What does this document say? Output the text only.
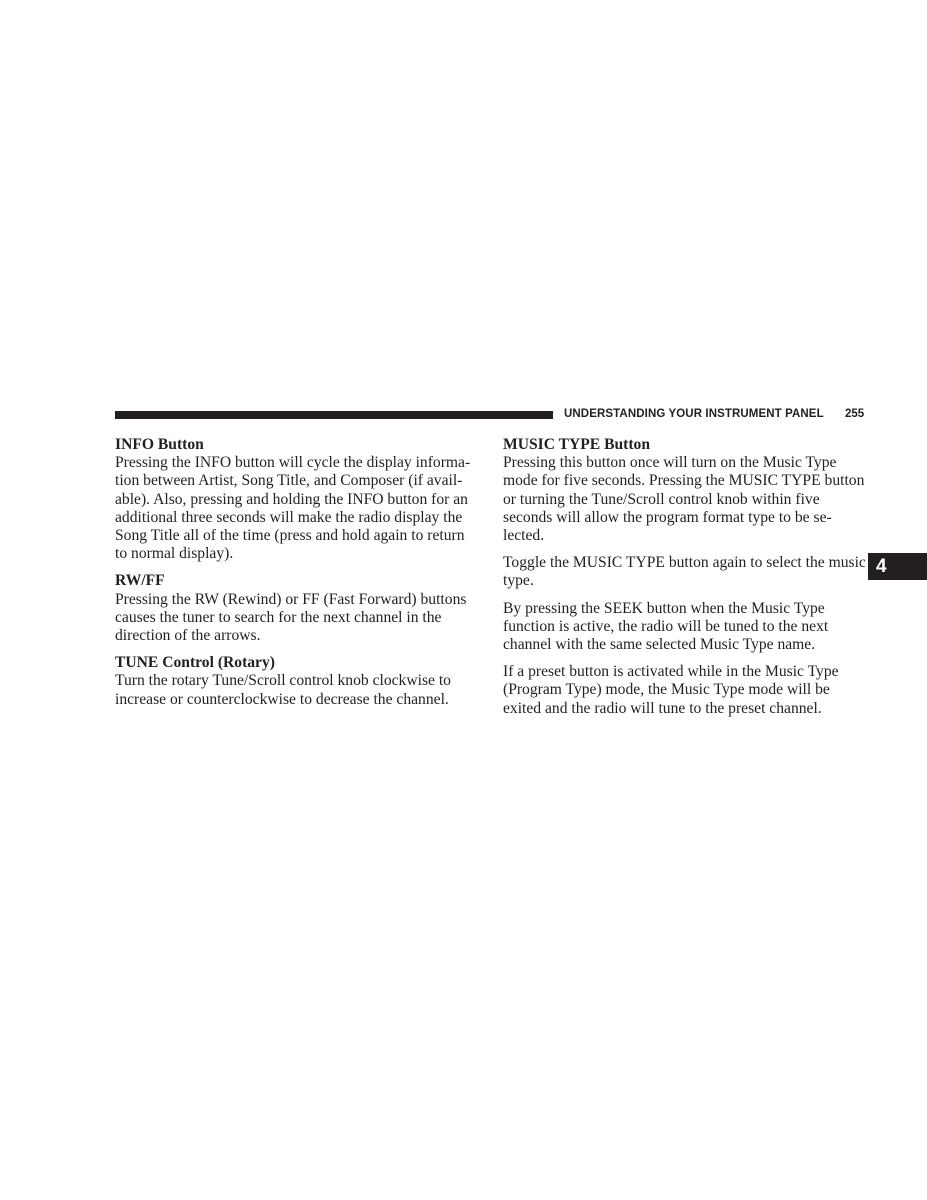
UNDERSTANDING YOUR INSTRUMENT PANEL 255
INFO Button
Pressing the INFO button will cycle the display informa-
tion between Artist, Song Title, and Composer (if avail-
able). Also, pressing and holding the INFO button for an
additional three seconds will make the radio display the
Song Title all of the time (press and hold again to return
to normal display).
RW/FF
Pressing the RW (Rewind) or FF (Fast Forward) buttons
causes the tuner to search for the next channel in the
direction of the arrows.
TUNE Control (Rotary)
Turn the rotary Tune/Scroll control knob clockwise to
increase or counterclockwise to decrease the channel.
MUSIC TYPE Button
Pressing this button once will turn on the Music Type
mode for five seconds. Pressing the MUSIC TYPE button
or turning the Tune/Scroll control knob within five
seconds will allow the program format type to be se-
lected.
Toggle the MUSIC TYPE button again to select the music
type.
By pressing the SEEK button when the Music Type
function is active, the radio will be tuned to the next
channel with the same selected Music Type name.
If a preset button is activated while in the Music Type
(Program Type) mode, the Music Type mode will be
exited and the radio will tune to the preset channel.
4
